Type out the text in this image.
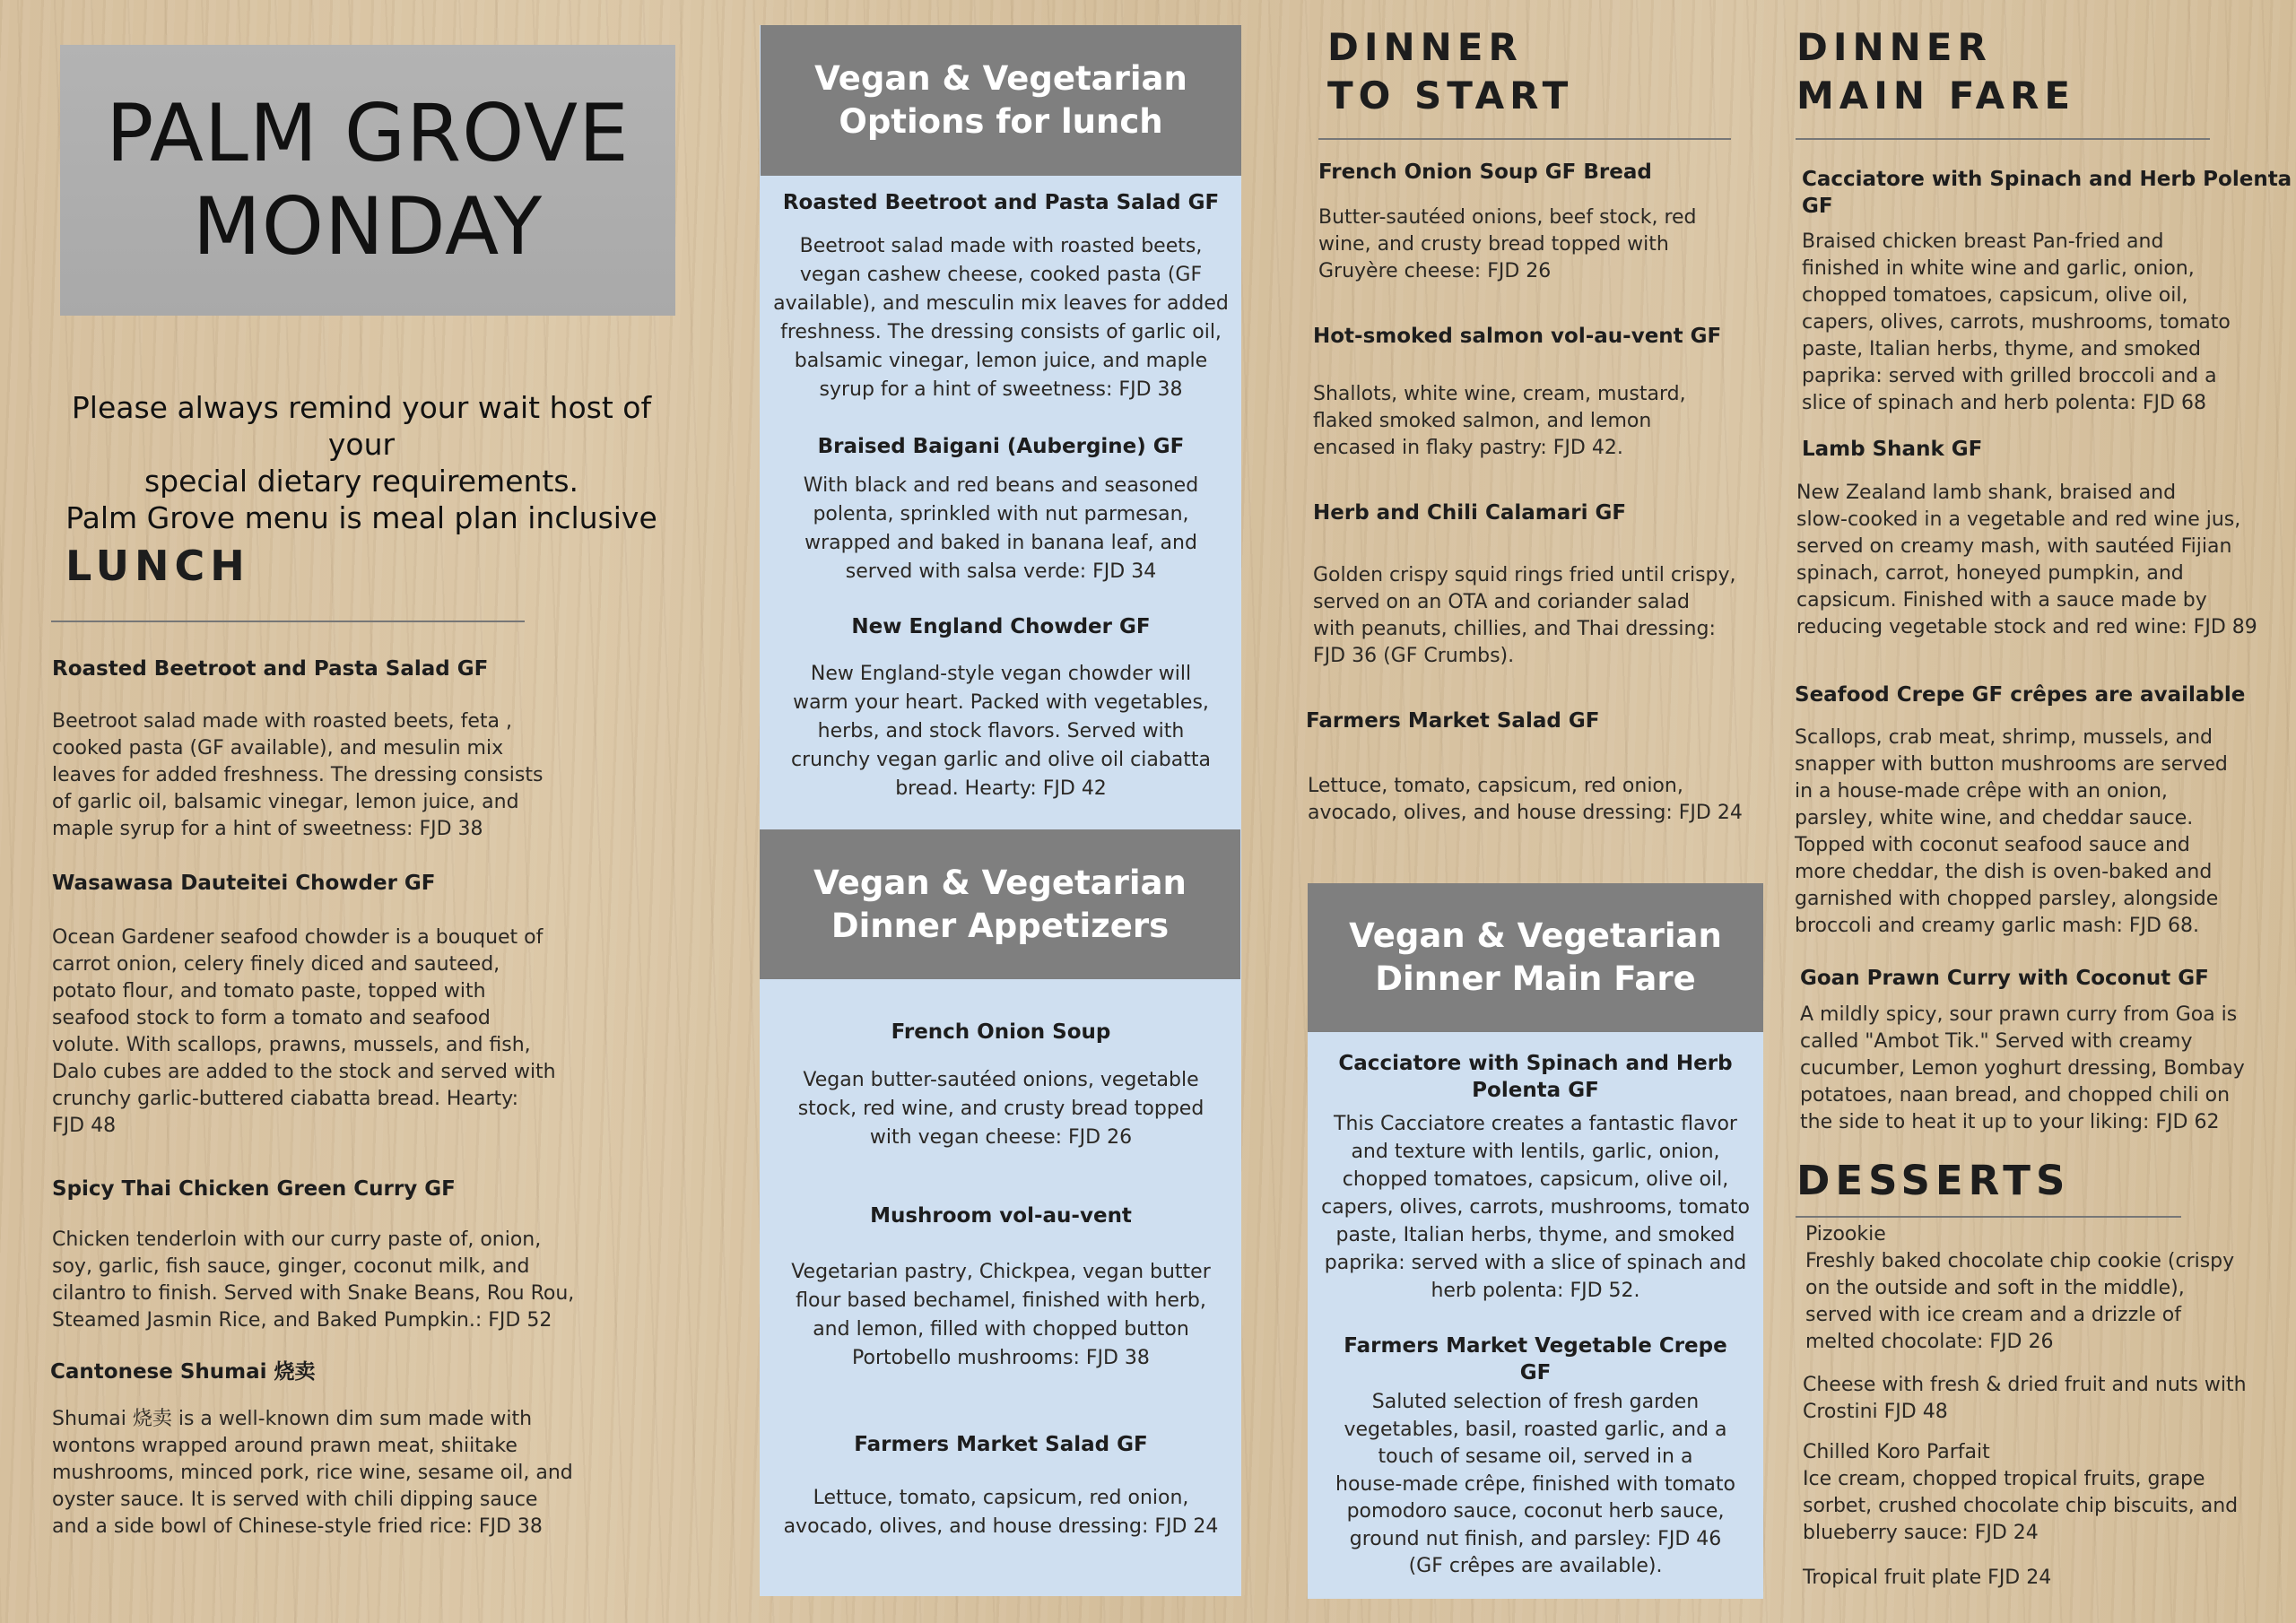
PALM GROVE
MONDAY
Please always remind your wait host of your
special dietary requirements.
Palm Grove menu is meal plan inclusive
LUNCH
Roasted Beetroot and Pasta Salad GF
Beetroot salad made with roasted beets, feta ,
cooked pasta (GF available), and mesulin mix
leaves for added freshness. The dressing consists
of garlic oil, balsamic vinegar, lemon juice, and
maple syrup for a hint of sweetness: FJD 38
Wasawasa Dauteitei Chowder GF
Ocean Gardener seafood chowder is a bouquet of
carrot onion, celery finely diced and sauteed,
potato flour, and tomato paste, topped with
seafood stock to form a tomato and seafood
volute. With scallops, prawns, mussels, and fish,
Dalo cubes are added to the stock and served with
crunchy garlic-buttered ciabatta bread. Hearty:
FJD 48
Spicy Thai Chicken Green Curry GF
Chicken tenderloin with our curry paste of, onion,
soy, garlic, fish sauce, ginger, coconut milk, and
cilantro to finish. Served with Snake Beans, Rou Rou,
Steamed Jasmin Rice, and Baked Pumpkin.: FJD 52
Cantonese Shumai 烧卖
Shumai 烧卖 is a well-known dim sum made with
wontons wrapped around prawn meat, shiitake
mushrooms, minced pork, rice wine, sesame oil, and
oyster sauce. It is served with chili dipping sauce
and a side bowl of Chinese-style fried rice: FJD 38
Vegan & Vegetarian
Options for lunch
Roasted Beetroot and Pasta Salad GF
Beetroot salad made with roasted beets,
vegan cashew cheese, cooked pasta (GF
available), and mesculin mix leaves for added
freshness. The dressing consists of garlic oil,
balsamic vinegar, lemon juice, and maple
syrup for a hint of sweetness: FJD 38
Braised Baigani (Aubergine) GF
With black and red beans and seasoned
polenta, sprinkled with nut parmesan,
wrapped and baked in banana leaf, and
served with salsa verde: FJD 34
New England Chowder GF
New England-style vegan chowder will
warm your heart. Packed with vegetables,
herbs, and stock flavors. Served with
crunchy vegan garlic and olive oil ciabatta
bread. Hearty: FJD 42
Vegan & Vegetarian
Dinner Appetizers
French Onion Soup
Vegan butter-sautéed onions, vegetable
stock, red wine, and crusty bread topped
with vegan cheese: FJD 26
Mushroom vol-au-vent
Vegetarian pastry, Chickpea, vegan butter
flour based bechamel, finished with herb,
and lemon, filled with chopped button
Portobello mushrooms: FJD 38
Farmers Market Salad GF
Lettuce, tomato, capsicum, red onion,
avocado, olives, and house dressing: FJD 24
DINNER
TO START
French Onion Soup GF Bread
Butter-sautéed onions, beef stock, red
wine, and crusty bread topped with
Gruyère cheese: FJD 26
Hot-smoked salmon vol-au-vent GF
Shallots, white wine, cream, mustard,
flaked smoked salmon, and lemon
encased in flaky pastry: FJD 42.
Herb and Chili Calamari GF
Golden crispy squid rings fried until crispy,
served on an OTA and coriander salad
with peanuts, chillies, and Thai dressing:
FJD 36 (GF Crumbs).
Farmers Market Salad GF
Lettuce, tomato, capsicum, red onion,
avocado, olives, and house dressing: FJD 24
Vegan & Vegetarian
Dinner Main Fare
Cacciatore with Spinach and Herb
Polenta GF
This Cacciatore creates a fantastic flavor
and texture with lentils, garlic, onion,
chopped tomatoes, capsicum, olive oil,
capers, olives, carrots, mushrooms, tomato
paste, Italian herbs, thyme, and smoked
paprika: served with a slice of spinach and
herb polenta: FJD 52.
Farmers Market Vegetable Crepe
GF
Saluted selection of fresh garden
vegetables, basil, roasted garlic, and a
touch of sesame oil, served in a
house-made crêpe, finished with tomato
pomodoro sauce, coconut herb sauce,
ground nut finish, and parsley: FJD 46
(GF crêpes are available).
DINNER
MAIN FARE
Cacciatore with Spinach and Herb Polenta
GF
Braised chicken breast Pan-fried and
finished in white wine and garlic, onion,
chopped tomatoes, capsicum, olive oil,
capers, olives, carrots, mushrooms, tomato
paste, Italian herbs, thyme, and smoked
paprika: served with grilled broccoli and a
slice of spinach and herb polenta: FJD 68
Lamb Shank GF
New Zealand lamb shank, braised and
slow-cooked in a vegetable and red wine jus,
served on creamy mash, with sautéed Fijian
spinach, carrot, honeyed pumpkin, and
capsicum. Finished with a sauce made by
reducing vegetable stock and red wine: FJD 89
Seafood Crepe GF crêpes are available
Scallops, crab meat, shrimp, mussels, and
snapper with button mushrooms are served
in a house-made crêpe with an onion,
parsley, white wine, and cheddar sauce.
Topped with coconut seafood sauce and
more cheddar, the dish is oven-baked and
garnished with chopped parsley, alongside
broccoli and creamy garlic mash: FJD 68.
Goan Prawn Curry with Coconut GF
A mildly spicy, sour prawn curry from Goa is
called "Ambot Tik." Served with creamy
cucumber, Lemon yoghurt dressing, Bombay
potatoes, naan bread, and chopped chili on
the side to heat it up to your liking: FJD 62
DESSERTS
Pizookie
Freshly baked chocolate chip cookie (crispy
on the outside and soft in the middle),
served with ice cream and a drizzle of
melted chocolate: FJD 26
Cheese with fresh & dried fruit and nuts with
Crostini FJD 48
Chilled Koro Parfait
Ice cream, chopped tropical fruits, grape
sorbet, crushed chocolate chip biscuits, and
blueberry sauce: FJD 24
Tropical fruit plate FJD 24
